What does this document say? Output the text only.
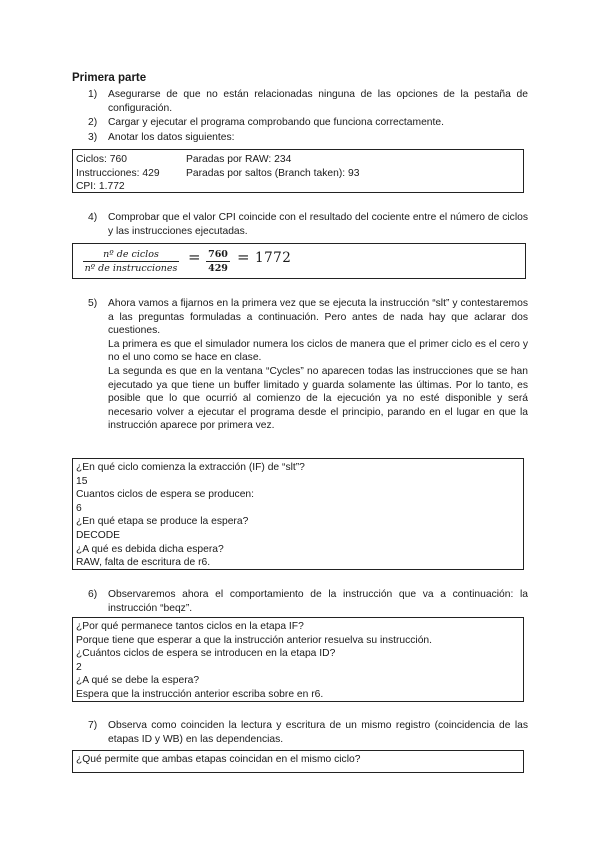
Primera parte
1)	Asegurarse de que no están relacionadas ninguna de las opciones de la pestaña de configuración.
2)	Cargar y ejecutar el programa comprobando que funciona correctamente.
3)	Anotar los datos siguientes:
Ciclos: 760	Paradas por RAW: 234
Instrucciones: 429	Paradas por saltos (Branch taken): 93
CPI: 1.772
4)	Comprobar que el valor CPI coincide con el resultado del cociente entre el número de ciclos y las instrucciones ejecutadas.
nº de ciclos
nº de instrucciones
= 760
429
= 1772
5)	Ahora vamos a fijarnos en la primera vez que se ejecuta la instrucción “slt” y contestaremos a las preguntas formuladas a continuación. Pero antes de nada hay que aclarar dos cuestiones.

La primera es que el simulador numera los ciclos de manera que el primer ciclo es el cero y no el uno como se hace en clase.

La segunda es que en la ventana “Cycles” no aparecen todas las instrucciones que se han ejecutado ya que tiene un buffer limitado y guarda solamente las últimas. Por lo tanto, es posible que lo que ocurrió al comienzo de la ejecución ya no esté disponible y será necesario volver a ejecutar el programa desde el principio, parando en el lugar en que la instrucción aparece por primera vez.

¿En qué ciclo comienza la extracción (IF) de “slt”?
15
Cuantos ciclos de espera se producen:
6
¿En qué etapa se produce la espera?
DECODE
¿A qué es debida dicha espera?
RAW, falta de escritura de r6.
6)	Observaremos ahora el comportamiento de la instrucción que va a continuación: la instrucción “beqz”.
¿Por qué permanece tantos ciclos en la etapa IF?
Porque tiene que esperar a que la instrucción anterior resuelva su instrucción.
¿Cuántos ciclos de espera se introducen en la etapa ID?
2
¿A qué se debe la espera?
Espera que la instrucción anterior escriba sobre en r6.
7)	Observa como coinciden la lectura y escritura de un mismo registro (coincidencia de las etapas ID y WB) en las dependencias.
¿Qué permite que ambas etapas coincidan en el mismo ciclo?
